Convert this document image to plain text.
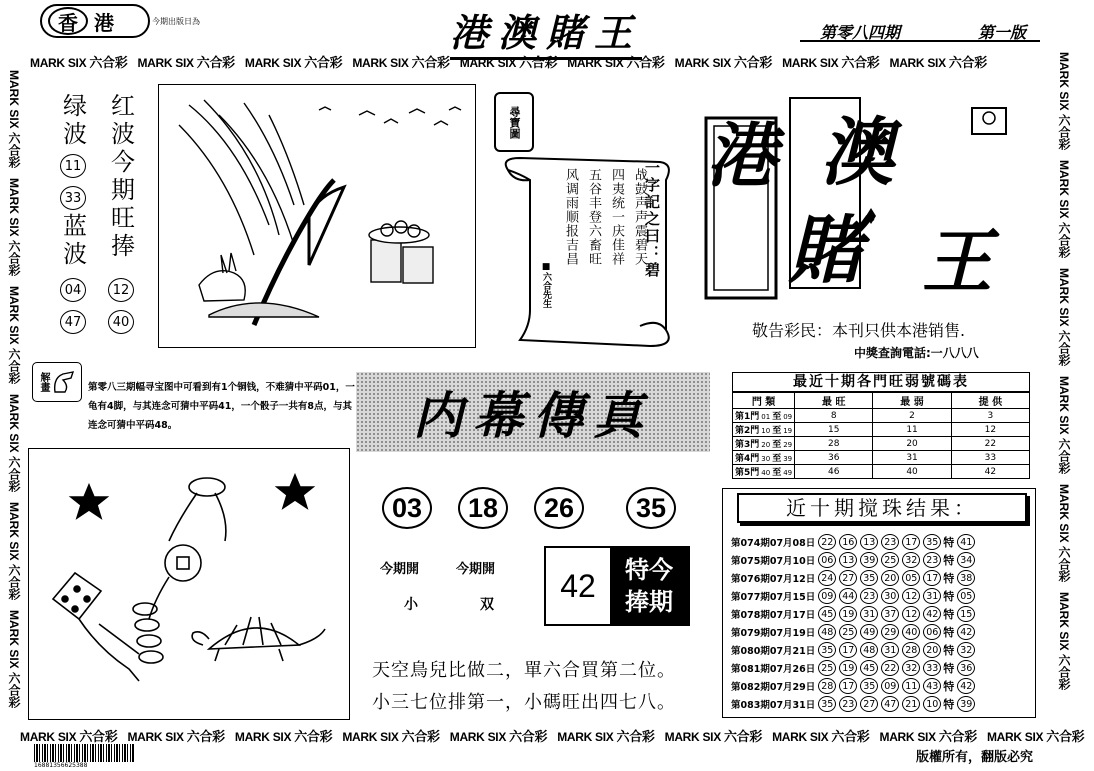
香 港	今期出版日為	港澳賭王	第零八四期	第一版
MARK SIX 六合彩 MARK SIX 六合彩 MARK SIX 六合彩 MARK SIX 六合彩 MARK SIX 六合彩 MARK SIX 六合彩 MARK SIX 六合彩 MARK SIX 六合彩 MARK SIX 六合彩
MARK SIX 六合彩 MARK SIX 六合彩 MARK SIX 六合彩 MARK SIX 六合彩 MARK SIX 六合彩 MARK SIX 六合彩 MARK SIX 六合彩 MARK SIX 六合彩 MARK SIX 六合彩 MARK SIX 六合彩
MARK SIX 六合彩MARK SIX 六合彩MARK SIX 六合彩MARK SIX 六合彩MARK SIX 六合彩MARK SIX 六合彩
MARK SIX 六合彩MARK SIX 六合彩MARK SIX 六合彩MARK SIX 六合彩MARK SIX 六合彩MARK SIX 六合彩
绿
波
11
33
蓝
波
04
47
红
波
今
期
旺
捧
12
40
尋寶圖
一字記之曰：碧
战鼓声声震碧天
四夷统一庆佳祥
五谷丰登六畜旺
风调雨顺报吉昌
■六合先生
港 澳
賭 王
敬告彩民：本刊只供本港销售.
中獎查詢電話:一八八八
解畫	第零八三期幅寻宝图中可看到有1个铜钱，不难猜中平码01，一龟有4脚，与其连念可猜中平码41，一个骰子一共有8点，与其连念可猜中平码48。	内幕傳真
最近十期各門旺弱號碼表
門 類	最 旺	最 弱	提 供
第1門 01 至 09	8	2	3
第2門 10 至 19	15	11	12
第3門 20 至 29	28	20	22
第4門 30 至 39	36	31	33
第5門 40 至 49	46	40	42
03	18	26	35
今期開	今期開
小	双
42	特今
捧期
天空鳥兒比做二，單六合買第二位。
小三七位排第一，小碼旺出四七八。
近十期搅珠结果：
第074期07月08日 22 16 13 23 17 35 特 41
第075期07月10日 06 13 39 25 32 23 特 34
第076期07月12日 24 27 35 20 05 17 特 38
第077期07月15日 09 44 23 30 12 31 特 05
第078期07月17日 45 19 31 37 12 42 特 15
第079期07月19日 48 25 49 29 40 06 特 42
第080期07月21日 35 17 48 31 28 20 特 32
第081期07月26日 25 19 45 22 32 33 特 36
第082期07月29日 28 17 35 09 11 43 特 42
第083期07月31日 35 23 27 47 21 10 特 39
16881356625388
版權所有，翻版必究
